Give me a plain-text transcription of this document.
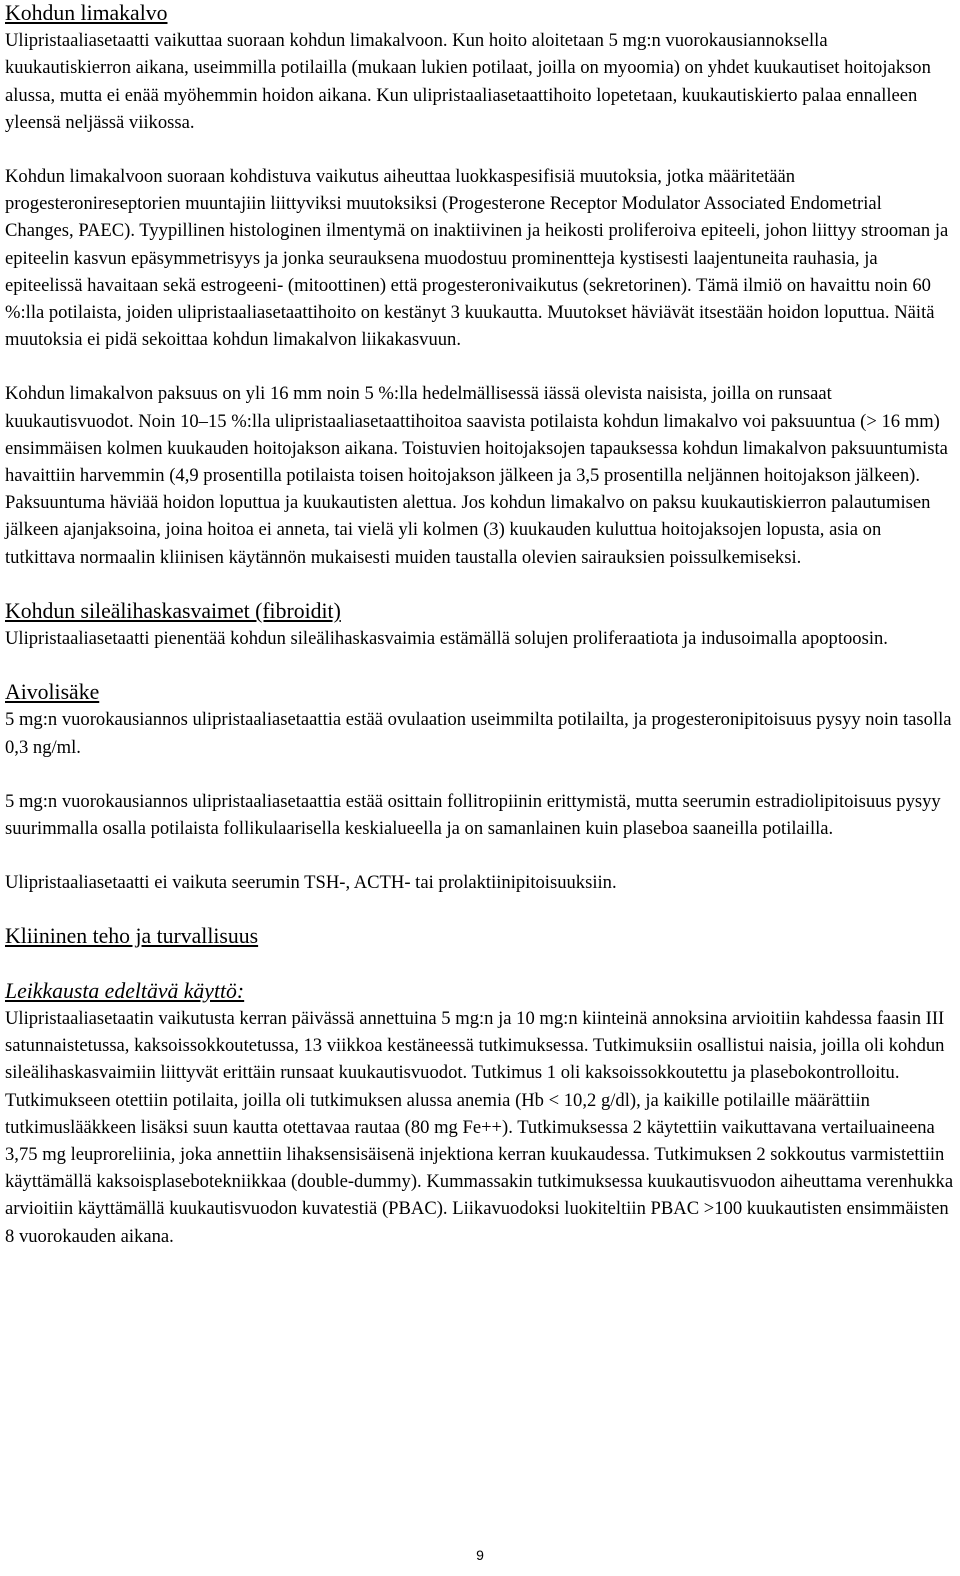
Kohdun limakalvo

Ulipristaaliasetaatti vaikuttaa suoraan kohdun limakalvoon. Kun hoito aloitetaan 5 mg:n vuorokausiannoksella kuukautiskierron aikana, useimmilla potilailla (mukaan lukien potilaat, joilla on myoomia) on yhdet kuukautiset hoitojakson alussa, mutta ei enää myöhemmin hoidon aikana. Kun ulipristaaliasetaattihoito lopetetaan, kuukautiskierto palaa ennalleen yleensä neljässä viikossa.

Kohdun limakalvoon suoraan kohdistuva vaikutus aiheuttaa luokkaspesifisiä muutoksia, jotka määritetään progesteronireseptorien muuntajiin liittyviksi muutoksiksi (Progesterone Receptor Modulator Associated Endometrial Changes, PAEC). Tyypillinen histologinen ilmentymä on inaktiivinen ja heikosti proliferoiva epiteeli, johon liittyy strooman ja epiteelin kasvun epäsymmetrisyys ja jonka seurauksena muodostuu prominentteja kystisesti laajentuneita rauhasia, ja epiteelissä havaitaan sekä estrogeeni- (mitoottinen) että progesteronivaikutus (sekretorinen). Tämä ilmiö on havaittu noin 60 %:lla potilaista, joiden ulipristaaliasetaattihoito on kestänyt 3 kuukautta. Muutokset häviävät itsestään hoidon loputtua. Näitä muutoksia ei pidä sekoittaa kohdun limakalvon liikakasvuun.

Kohdun limakalvon paksuus on yli 16 mm noin 5 %:lla hedelmällisessä iässä olevista naisista, joilla on runsaat kuukautisvuodot. Noin 10–15 %:lla ulipristaaliasetaattihoitoa saavista potilaista kohdun limakalvo voi paksuuntua (> 16 mm) ensimmäisen kolmen kuukauden hoitojakson aikana. Toistuvien hoitojaksojen tapauksessa kohdun limakalvon paksuuntumista havaittiin harvemmin (4,9 prosentilla potilaista toisen hoitojakson jälkeen ja 3,5 prosentilla neljännen hoitojakson jälkeen). Paksuuntuma häviää hoidon loputtua ja kuukautisten alettua. Jos kohdun limakalvo on paksu kuukautiskierron palautumisen jälkeen ajanjaksoina, joina hoitoa ei anneta, tai vielä yli kolmen (3) kuukauden kuluttua hoitojaksojen lopusta, asia on tutkittava normaalin kliinisen käytännön mukaisesti muiden taustalla olevien sairauksien poissulkemiseksi.

Kohdun sileälihaskasvaimet (fibroidit)

Ulipristaaliasetaatti pienentää kohdun sileälihaskasvaimia estämällä solujen proliferaatiota ja indusoimalla apoptoosin.

Aivolisäke

5 mg:n vuorokausiannos ulipristaaliasetaattia estää ovulaation useimmilta potilailta, ja progesteronipitoisuus pysyy noin tasolla 0,3 ng/ml.

5 mg:n vuorokausiannos ulipristaaliasetaattia estää osittain follitropiinin erittymistä, mutta seerumin estradiolipitoisuus pysyy suurimmalla osalla potilaista follikulaarisella keskialueella ja on samanlainen kuin plaseboa saaneilla potilailla.

Ulipristaaliasetaatti ei vaikuta seerumin TSH-, ACTH- tai prolaktiinipitoisuuksiin.

Kliininen teho ja turvallisuus
Leikkausta edeltävä käyttö:

Ulipristaaliasetaatin vaikutusta kerran päivässä annettuina 5 mg:n ja 10 mg:n kiinteinä annoksina arvioitiin kahdessa faasin III satunnaistetussa, kaksoissokkoutetussa, 13 viikkoa kestäneessä tutkimuksessa. Tutkimuksiin osallistui naisia, joilla oli kohdun sileälihaskasvaimiin liittyvät erittäin runsaat kuukautisvuodot. Tutkimus 1 oli kaksoissokkoutettu ja plasebokontrolloitu. Tutkimukseen otettiin potilaita, joilla oli tutkimuksen alussa anemia (Hb < 10,2 g/dl), ja kaikille potilaille määrättiin tutkimuslääkkeen lisäksi suun kautta otettavaa rautaa (80 mg Fe++). Tutkimuksessa 2 käytettiin vaikuttavana vertailuaineena 3,75 mg leuproreliinia, joka annettiin lihaksensisäisenä injektiona kerran kuukaudessa. Tutkimuksen 2 sokkoutus varmistettiin käyttämällä kaksoisplasebotekniikkaa (double-dummy). Kummassakin tutkimuksessa kuukautisvuodon aiheuttama verenhukka arvioitiin käyttämällä kuukautisvuodon kuvatestiä (PBAC). Liikavuodoksi luokiteltiin PBAC >100 kuukautisten ensimmäisten 8 vuorokauden aikana.

9
